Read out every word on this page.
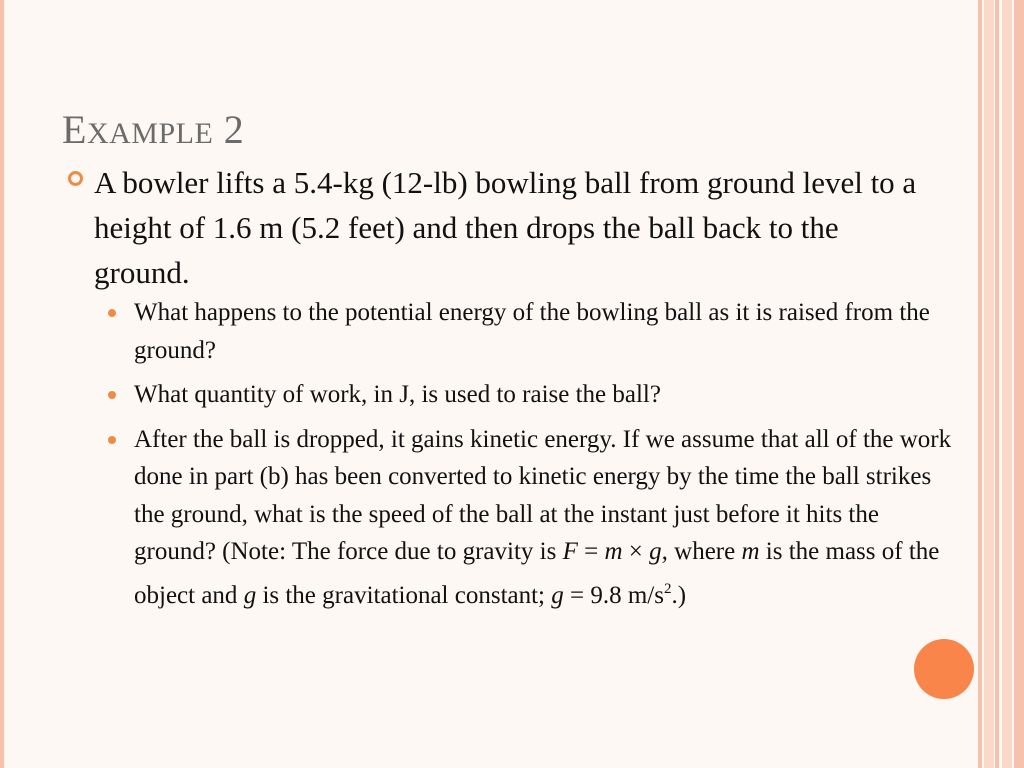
EXAMPLE 2
A bowler lifts a 5.4-kg (12-lb) bowling ball from ground level to a height of 1.6 m (5.2 feet) and then drops the ball back to the ground.
What happens to the potential energy of the bowling ball as it is raised from the ground?
What quantity of work, in J, is used to raise the ball?
After the ball is dropped, it gains kinetic energy. If we assume that all of the work done in part (b) has been converted to kinetic energy by the time the ball strikes the ground, what is the speed of the ball at the instant just before it hits the ground? (Note: The force due to gravity is F = m × g, where m is the mass of the object and g is the gravitational constant; g = 9.8 $m/s^2$.)
